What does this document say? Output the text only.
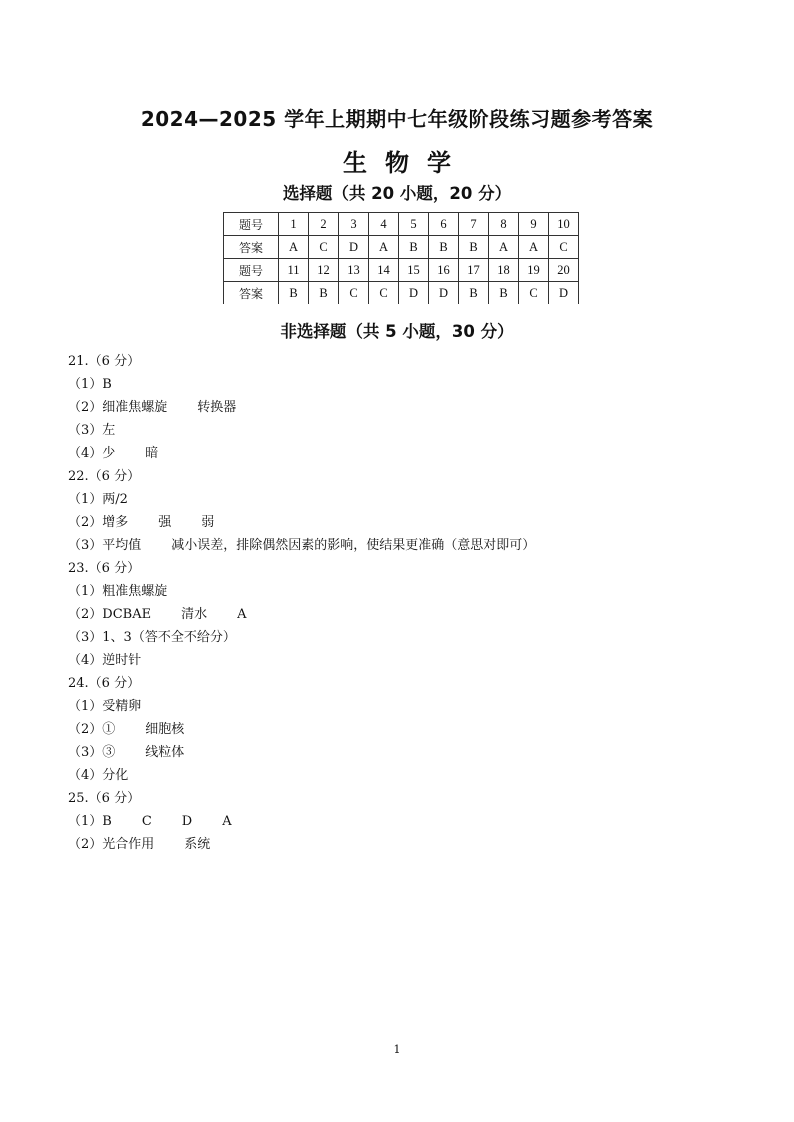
2024—2025 学年上期期中七年级阶段练习题参考答案
生物学
选择题（共 20 小题，20 分）
题号	1	2	3	4	5	6	7	8	9	10
答案	A	C	D	A	B	B	B	A	A	C
题号	11	12	13	14	15	16	17	18	19	20
答案	B	B	C	C	D	D	B	B	C	D
非选择题（共 5 小题，30 分）
21.（6 分）
（1）B
（2）细准焦螺旋 转换器
（3）左
（4）少 暗
22.（6 分）
（1）两/2
（2）增多 强 弱
（3）平均值 减小误差，排除偶然因素的影响，使结果更准确（意思对即可）
23.（6 分）
（1）粗准焦螺旋
（2）DCBAE 清水 A
（3）1、3（答不全不给分）
（4）逆时针
24.（6 分）
（1）受精卵
（2）① 细胞核
（3）③ 线粒体
（4）分化
25.（6 分）
（1）B C D A
（2）光合作用 系统
1
